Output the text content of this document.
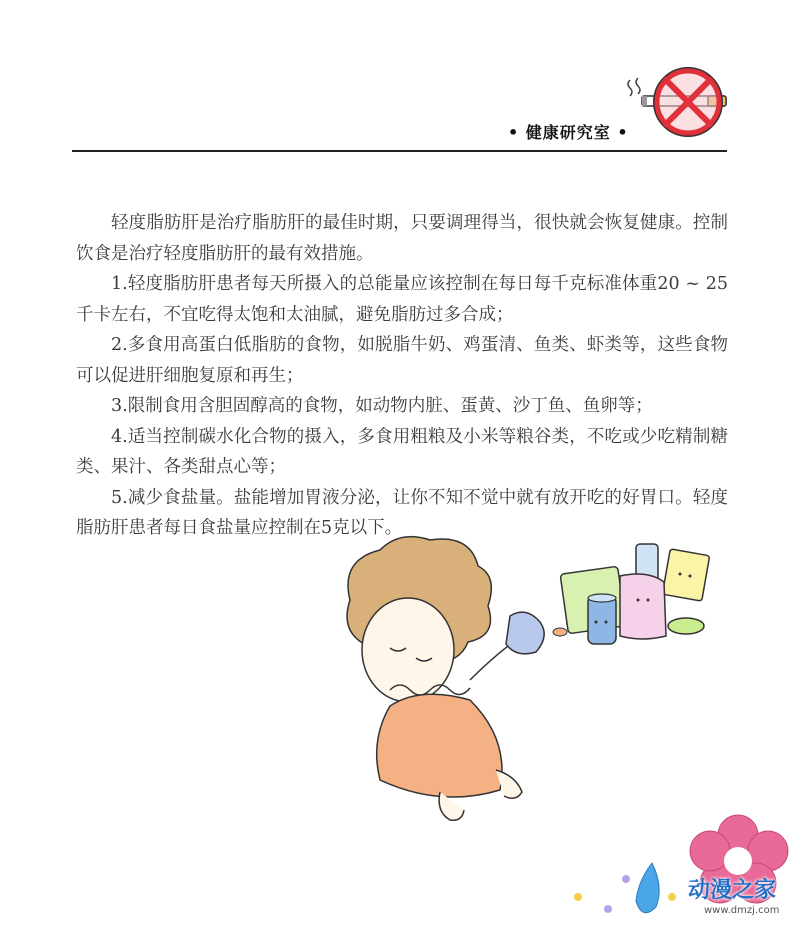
• 健康研究室 •

轻度脂肪肝是治疗脂肪肝的最佳时期，只要调理得当，很快就会恢复健康。控制饮食是治疗轻度脂肪肝的最有效措施。

1.轻度脂肪肝患者每天所摄入的总能量应该控制在每日每千克标准体重20 ~ 25千卡左右，不宜吃得太饱和太油腻，避免脂肪过多合成；

2.多食用高蛋白低脂肪的食物，如脱脂牛奶、鸡蛋清、鱼类、虾类等，这些食物可以促进肝细胞复原和再生；

3.限制食用含胆固醇高的食物，如动物内脏、蛋黄、沙丁鱼、鱼卵等；

4.适当控制碳水化合物的摄入，多食用粗粮及小米等粮谷类，不吃或少吃精制糖类、果汁、各类甜点心等；

5.减少食盐量。盐能增加胃液分泌，让你不知不觉中就有放开吃的好胃口。轻度脂肪肝患者每日食盐量应控制在5克以下。

动漫之家
www.dmzj.com
